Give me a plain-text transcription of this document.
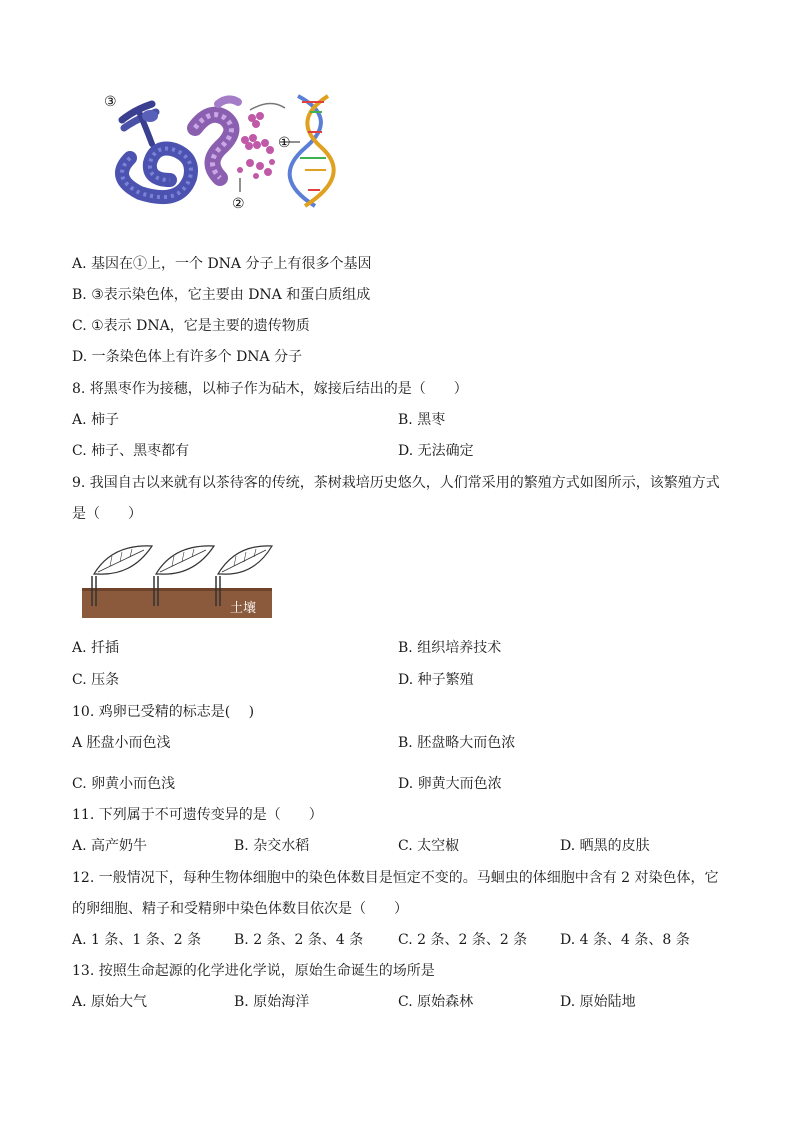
③
①
②
A. 基因在①上，一个 DNA 分子上有很多个基因
B. ③表示染色体，它主要由 DNA 和蛋白质组成
C. ①表示 DNA，它是主要的遗传物质
D. 一条染色体上有许多个 DNA 分子
8. 将黑枣作为接穗，以柿子作为砧木，嫁接后结出的是（　　）
A. 柿子	B. 黑枣
C. 柿子、黑枣都有	D. 无法确定
9. 我国自古以来就有以茶待客的传统，茶树栽培历史悠久，人们常采用的繁殖方式如图所示，该繁殖方式
是（　　）
土壤
A. 扦插	B. 组织培养技术
C. 压条	D. 种子繁殖
10. 鸡卵已受精的标志是(　 )
A 胚盘小而色浅	B. 胚盘略大而色浓
C. 卵黄小而色浅	D. 卵黄大而色浓
11. 下列属于不可遗传变异的是（　　）
A. 高产奶牛	B. 杂交水稻	C. 太空椒	D. 晒黑的皮肤
12. 一般情况下，每种生物体细胞中的染色体数目是恒定不变的。马蛔虫的体细胞中含有 2 对染色体，它
的卵细胞、精子和受精卵中染色体数目依次是（　　）
A. 1 条、1 条、2 条 B. 2 条、2 条、4 条 C. 2 条、2 条、2 条 D. 4 条、4 条、8 条
13. 按照生命起源的化学进化学说，原始生命诞生的场所是
A. 原始大气	B. 原始海洋	C. 原始森林	D. 原始陆地
